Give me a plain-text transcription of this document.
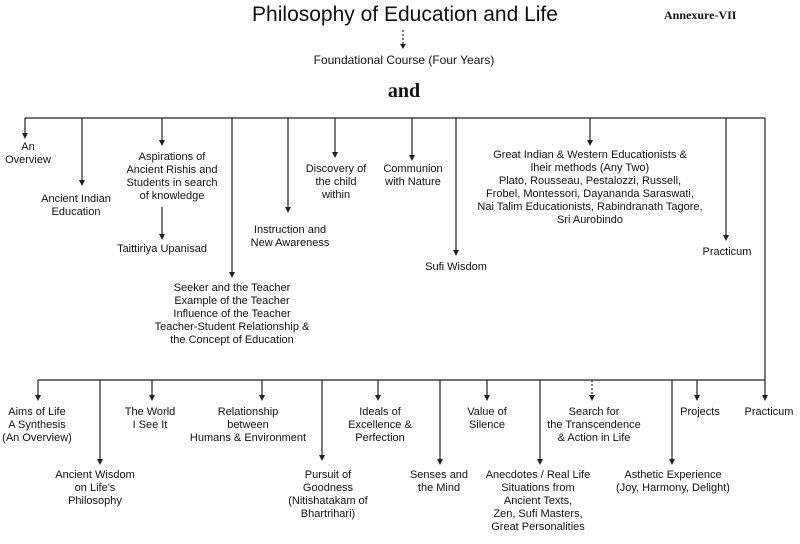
Philosophy of Education and Life	Annexure-VII
Foundational Course (Four Years)
and
An
Overview
Ancient Indian
Education
Aspirations of
Ancient Rishis and
Students in search
of knowledge
Taittiriya Upanisad
Seeker and the Teacher
Example of the Teacher
Influence of the Teacher
Teacher-Student Relationship &
the Concept of Education
Instruction and
New Awareness
Discovery of
the child
within
Communion
with Nature
Sufi Wisdom
Great Indian & Western Educationists &
lheir methods (Any Two)
Plato, Rousseau, Pestalozzi, Russell,
Frobel, Montessori, Dayananda Saraswati,
Nai Talim Educationists, Rabindranath Tagore,
Sri Aurobindo
Practicum
Aims of Life
A Synthesis
(An Overview)
Ancient Wisdom
on Life's
Philosophy
The World
I See It
Relationship
between
Humans & Environment
Pursuit of
Goodness
(Nitishatakam of
Bhartrihari)
Ideals of
Excellence &
Perfection
Senses and
the Mind
Value of
Silence
Anecdotes / Real Life
Situations from
Ancient Texts,
Zen, Sufi Masters,
Great Personalities
Search for
the Transcendence
& Action in Life
Asthetic Experience
(Joy, Harmony, Delight)
Projects Practicum
